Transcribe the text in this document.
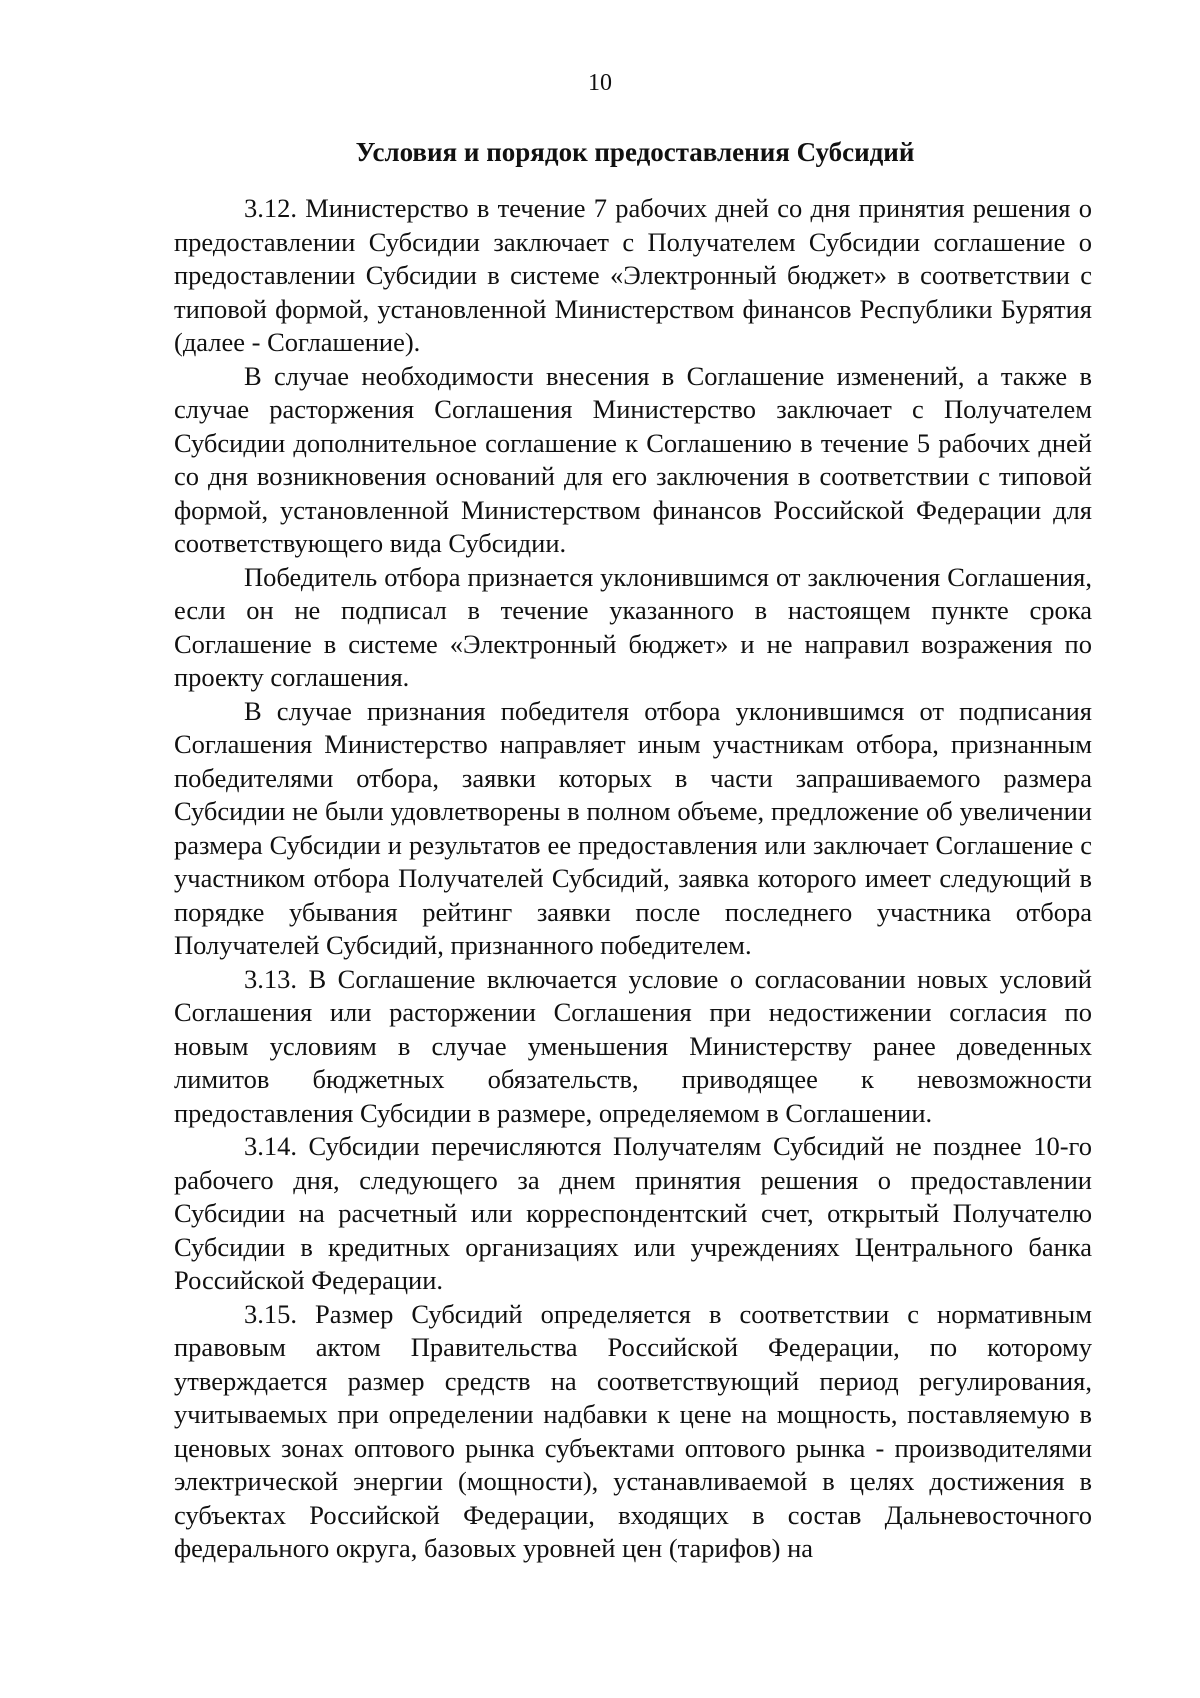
10
Условия и порядок предоставления Субсидий

3.12. Министерство в течение 7 рабочих дней со дня принятия решения о предоставлении Субсидии заключает с Получателем Субсидии соглашение о предоставлении Субсидии в системе «Электронный бюджет» в соответствии с типовой формой, установленной Министерством финансов Республики Бурятия (далее - Соглашение).

В случае необходимости внесения в Соглашение изменений, а также в случае расторжения Соглашения Министерство заключает с Получателем Субсидии дополнительное соглашение к Соглашению в течение 5 рабочих дней со дня возникновения оснований для его заключения в соответствии с типовой формой, установленной Министерством финансов Российской Федерации для соответствующего вида Субсидии.

Победитель отбора признается уклонившимся от заключения Соглашения, если он не подписал в течение указанного в настоящем пункте срока Соглашение в системе «Электронный бюджет» и не направил возражения по проекту соглашения.

В случае признания победителя отбора уклонившимся от подписания Соглашения Министерство направляет иным участникам отбора, признанным победителями отбора, заявки которых в части запрашиваемого размера Субсидии не были удовлетворены в полном объеме, предложение об увеличении размера Субсидии и результатов ее предоставления или заключает Соглашение с участником отбора Получателей Субсидий, заявка которого имеет следующий в порядке убывания рейтинг заявки после последнего участника отбора Получателей Субсидий, признанного победителем.

3.13. В Соглашение включается условие о согласовании новых условий Соглашения или расторжении Соглашения при недостижении согласия по новым условиям в случае уменьшения Министерству ранее доведенных лимитов бюджетных обязательств, приводящее к невозможности предоставления Субсидии в размере, определяемом в Соглашении.

3.14. Субсидии перечисляются Получателям Субсидий не позднее 10-го рабочего дня, следующего за днем принятия решения о предоставлении Субсидии на расчетный или корреспондентский счет, открытый Получателю Субсидии в кредитных организациях или учреждениях Центрального банка Российской Федерации.

3.15. Размер Субсидий определяется в соответствии с нормативным правовым актом Правительства Российской Федерации, по которому утверждается размер средств на соответствующий период регулирования, учитываемых при определении надбавки к цене на мощность, поставляемую в ценовых зонах оптового рынка субъектами оптового рынка - производителями электрической энергии (мощности), устанавливаемой в целях достижения в субъектах Российской Федерации, входящих в состав Дальневосточного федерального округа, базовых уровней цен (тарифов) на
